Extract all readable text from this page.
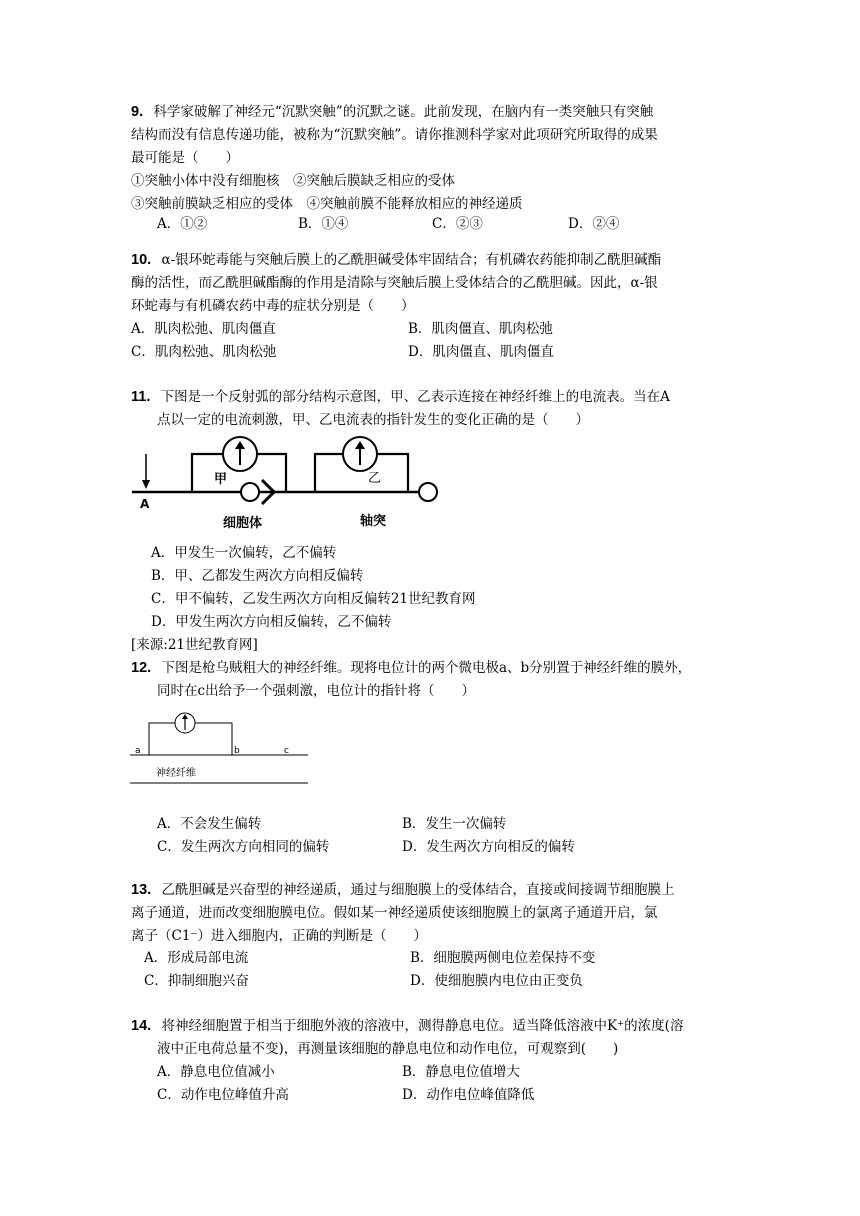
9. 科学家破解了神经元“沉默突触”的沉默之谜。此前发现，在脑内有一类突触只有突触
结构而没有信息传递功能，被称为“沉默突触”。请你推测科学家对此项研究所取得的成果
最可能是（　　）
①突触小体中没有细胞核　②突触后膜缺乏相应的受体
③突触前膜缺乏相应的受体　④突触前膜不能释放相应的神经递质
A．①②	B．①④	C．②③	D．②④
10. α-银环蛇毒能与突触后膜上的乙酰胆碱受体牢固结合；有机磷农药能抑制乙酰胆碱酯
酶的活性，而乙酰胆碱酯酶的作用是清除与突触后膜上受体结合的乙酰胆碱。因此，α-银
环蛇毒与有机磷农药中毒的症状分别是（　　）
A．肌肉松弛、肌肉僵直	B．肌肉僵直、肌肉松弛
C．肌肉松弛、肌肉松弛	D．肌肉僵直、肌肉僵直
11. 下图是一个反射弧的部分结构示意图，甲、乙表示连接在神经纤维上的电流表。当在A
点以一定的电流刺激，甲、乙电流表的指针发生的变化正确的是（　　）
A
甲
细胞体
乙
轴突
A．甲发生一次偏转，乙不偏转
B．甲、乙都发生两次方向相反偏转
C．甲不偏转，乙发生两次方向相反偏转21世纪教育网
D．甲发生两次方向相反偏转，乙不偏转
[来源:21世纪教育网]
12. 下图是枪乌贼粗大的神经纤维。现将电位计的两个微电极a、b分别置于神经纤维的膜外，
同时在c出给予一个强刺激，电位计的指针将（　　）
a	b	c
神经纤维
A．不会发生偏转	B．发生一次偏转
C．发生两次方向相同的偏转	D．发生两次方向相反的偏转
13. 乙酰胆碱是兴奋型的神经递质，通过与细胞膜上的受体结合，直接或间接调节细胞膜上
离子通道，进而改变细胞膜电位。假如某一神经递质使该细胞膜上的氯离子通道开启，氯
离子（C1⁻）进入细胞内，正确的判断是（　　）
A．形成局部电流	B．细胞膜两侧电位差保持不变
C．抑制细胞兴奋	D．使细胞膜内电位由正变负
14. 将神经细胞置于相当于细胞外液的溶液中，测得静息电位。适当降低溶液中K⁺的浓度(溶
液中正电荷总量不变)，再测量该细胞的静息电位和动作电位，可观察到(　　)
A．静息电位值减小	B．静息电位值增大
C．动作电位峰值升高	D．动作电位峰值降低
